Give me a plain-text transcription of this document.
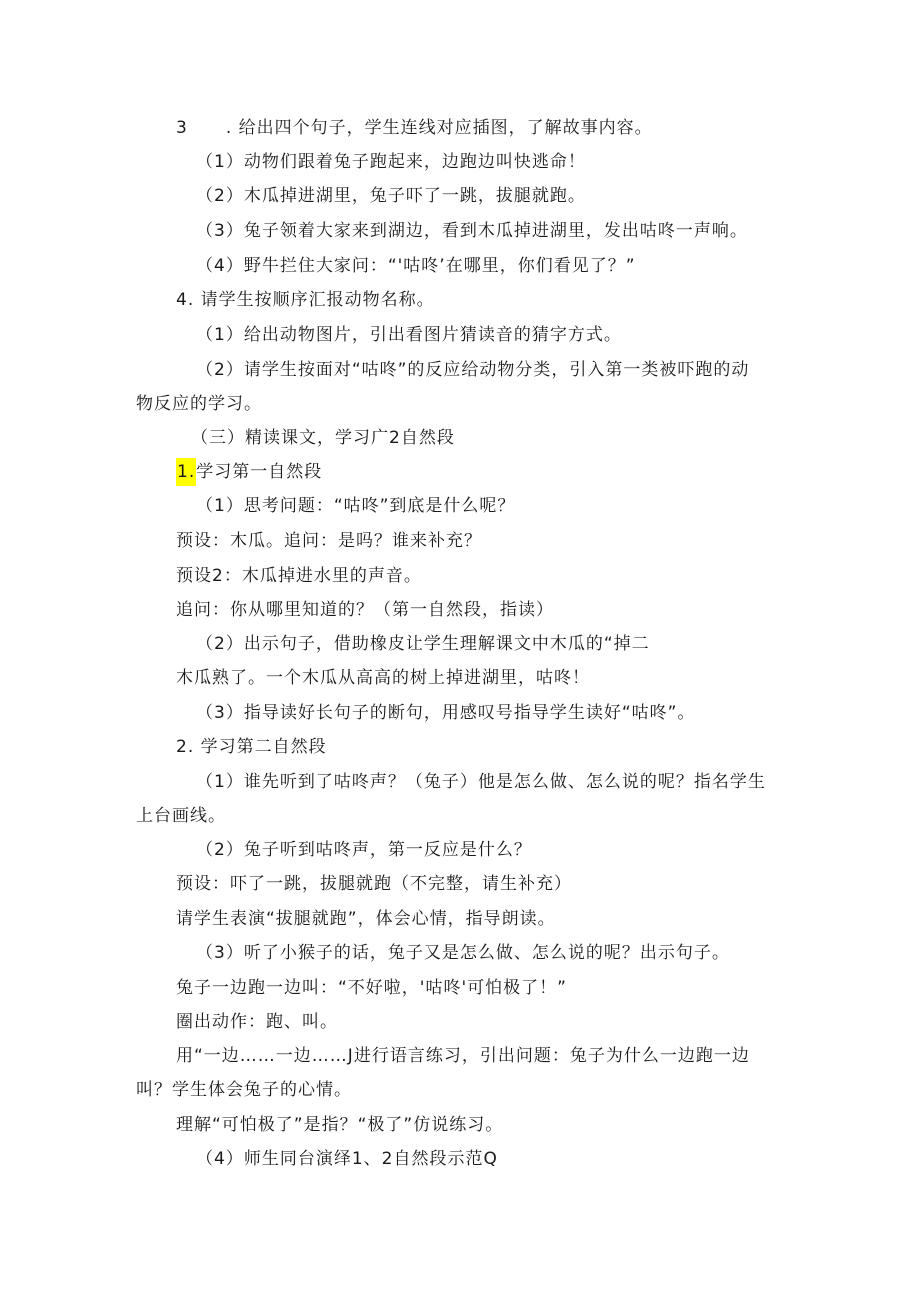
3 . 给出四个句子，学生连线对应插图，了解故事内容。
（1）动物们跟着兔子跑起来，边跑边叫快逃命！
（2）木瓜掉进湖里，兔子吓了一跳，拔腿就跑。
（3）兔子领着大家来到湖边，看到木瓜掉进湖里，发出咕咚一声响。
（4）野牛拦住大家问：“'咕咚’在哪里，你们看见了？”
4. 请学生按顺序汇报动物名称。
（1）给出动物图片，引出看图片猜读音的猜字方式。
（2）请学生按面对“咕咚”的反应给动物分类，引入第一类被吓跑的动
物反应的学习。
（三）精读课文，学习广2自然段
1.学习第一自然段
（1）思考问题：“咕咚”到底是什么呢？
预设：木瓜。追问：是吗？谁来补充？
预设2：木瓜掉进水里的声音。
追问：你从哪里知道的？（第一自然段，指读）
（2）出示句子，借助橡皮让学生理解课文中木瓜的“掉二
木瓜熟了。一个木瓜从高高的树上掉进湖里，咕咚！
（3）指导读好长句子的断句，用感叹号指导学生读好“咕咚”。
2. 学习第二自然段
（1）谁先听到了咕咚声？（兔子）他是怎么做、怎么说的呢？指名学生
上台画线。
（2）兔子听到咕咚声，第一反应是什么？
预设：吓了一跳，拔腿就跑（不完整，请生补充）
请学生表演“拔腿就跑”，体会心情，指导朗读。
（3）听了小猴子的话，兔子又是怎么做、怎么说的呢？出示句子。
兔子一边跑一边叫：“不好啦，'咕咚'可怕极了！”
圈出动作：跑、叫。
用“一边……一边……J进行语言练习，引出问题：兔子为什么一边跑一边
叫？学生体会兔子的心情。
理解“可怕极了”是指？“极了”仿说练习。
（4）师生同台演绎1、2自然段示范Q
